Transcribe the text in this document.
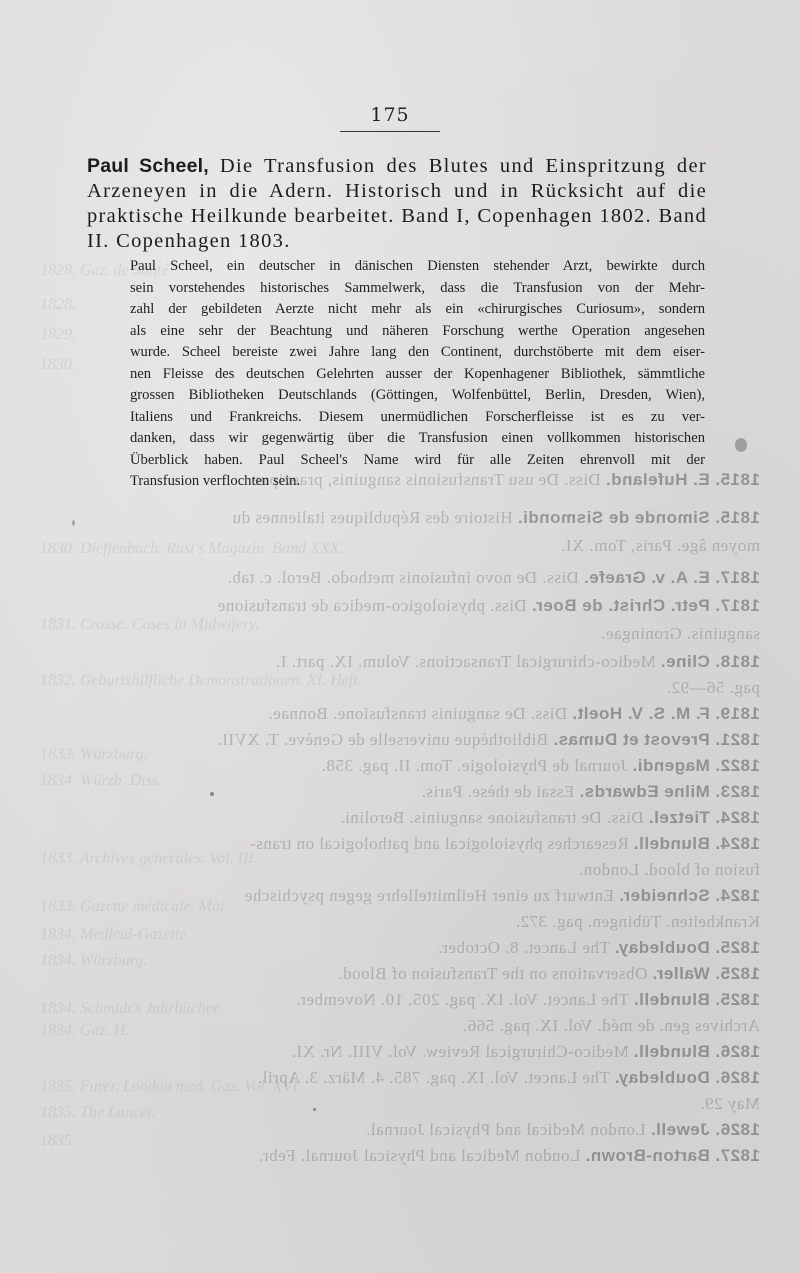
1815. E. Hufeland. Diss. De usu Transfusionis sanguinis, praecipue
1815. Simonde de Sismondi. Histoire des Républiques italiennes du
moyen âge. Paris, Tom. XI.
1817. E. A. v. Graefe. Diss. De novo infusionis methodo. Berol. c. tab.
1817. Petr. Christ. de Boer. Diss. physiologico-medica de transfusione
sanguinis. Groningae.
1818. Cline. Medico-chirurgical Transactions. Volum. IX. part. I.
pag. 56—92.
1819. F. M. S. V. Hoelt. Diss. De sanguinis transfusione. Bonnae.
1821. Prevost et Dumas. Bibliothèque universelle de Genève. T. XVII.
1822. Magendi. Journal de Physiologie. Tom. II. pag. 358.
1823. Milne Edwards. Essai de thèse. Paris.
1824. Tietzel. Diss. De transfusione sanguinis. Berolini.
1824. Blundell. Researches physiological and pathological on trans-
fusion of blood. London.
1824. Schneider. Entwurf zu einer Heilmittellehre gegen psychische
Krankheiten. Tübingen. pag. 372.
1825. Doubleday. The Lancet. 8. October.
1825. Waller. Observations on the Transfusion of Blood.
1825. Blundell. The Lancet. Vol. IX. pag. 205. 10. November.
Archives gen. de méd. Vol. IX. pag. 566.
1826. Blundell. Medico-Chirurgical Review. Vol. VIII. Nr. XI.
1826. Doubleday. The Lancet. Vol. IX. pag. 785. 4. März. 3. April.
May 29.
1826. Jewell. London Medical and Physical Journal.
1827. Barton-Brown. London Medical and Physical Journal. Febr.
1828. Gaz. de Santé
1828.
1829.
1830.
1830. Dieffenbach. Rust's Magazin. Band XXX.
1831. Crosse. Cases in Midwifery.
1832. Geburtshilfliche Demonstrationen. XI. Heft.
1833. Würzburg.
1834. Würzb. Diss.
1833. Archives générales. Vol. III.
1833. Gazette médicale. Mai.
1834. Medical-Gazette.
1834. Würzburg.
1834. Schmidt's Jahrbücher.
1834. Gaz. H.
1835. Furer. London med. Gaz. Vol. XVI.
1835. The Lancet.
1835.
175
Paul Scheel, Die Transfusion des Blutes und Einspritzung der Arzeneyen in die Adern. Historisch und in Rücksicht auf die praktische Heilkunde bearbeitet. Band I, Copenhagen 1802. Band II. Copenhagen 1803.
Paul Scheel, ein deutscher in dänischen Diensten stehender Arzt, bewirkte durch
sein vorstehendes historisches Sammelwerk, dass die Transfusion von der Mehr-
zahl der gebildeten Aerzte nicht mehr als ein «chirurgisches Curiosum», sondern
als eine sehr der Beachtung und näheren Forschung werthe Operation angesehen
wurde. Scheel bereiste zwei Jahre lang den Continent, durchstöberte mit dem eiser-
nen Fleisse des deutschen Gelehrten ausser der Kopenhagener Bibliothek, sämmtliche
grossen Bibliotheken Deutschlands (Göttingen, Wolfenbüttel, Berlin, Dresden, Wien),
Italiens und Frankreichs. Diesem unermüdlichen Forscherfleisse ist es zu ver-
danken, dass wir gegenwärtig über die Transfusion einen vollkommen historischen
Überblick haben. Paul Scheel's Name wird für alle Zeiten ehrenvoll mit der
Transfusion verflochten sein.
